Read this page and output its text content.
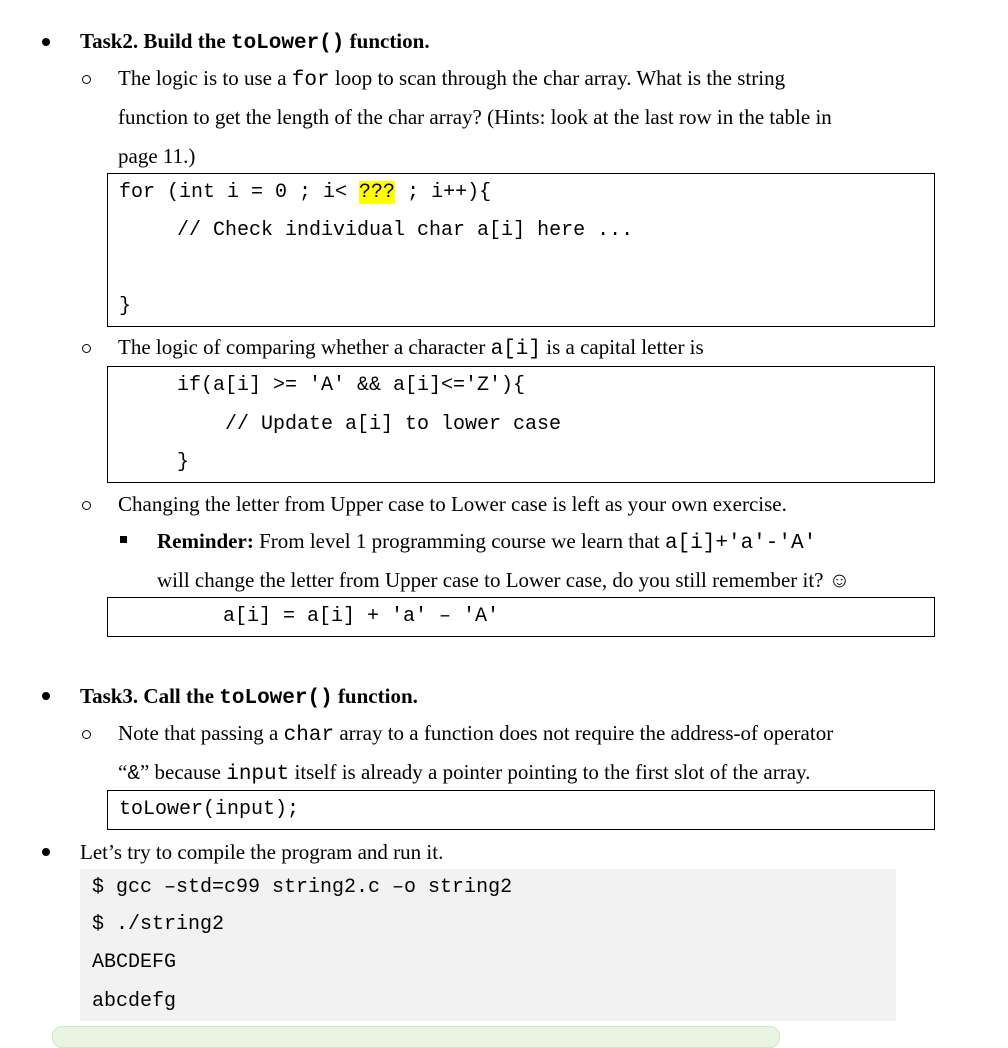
Task2. Build the toLower() function.
The logic is to use a for loop to scan through the char array. What is the string
function to get the length of the char array? (Hints: look at the last row in the table in
page 11.)
for (int i = 0 ; i< ??? ; i++){
// Check individual char a[i] here ...
}
The logic of comparing whether a character a[i] is a capital letter is
if(a[i] >= 'A' && a[i]<='Z'){
// Update a[i] to lower case
}
Changing the letter from Upper case to Lower case is left as your own exercise.
Reminder: From level 1 programming course we learn that a[i]+'a'-'A'
will change the letter from Upper case to Lower case, do you still remember it? ☺
a[i] = a[i] + 'a' – 'A'
Task3. Call the toLower() function.
Note that passing a char array to a function does not require the address-of operator
“&” because input itself is already a pointer pointing to the first slot of the array.
toLower(input);
Let’s try to compile the program and run it.
$ gcc –std=c99 string2.c –o string2
$ ./string2
ABCDEFG
abcdefg
